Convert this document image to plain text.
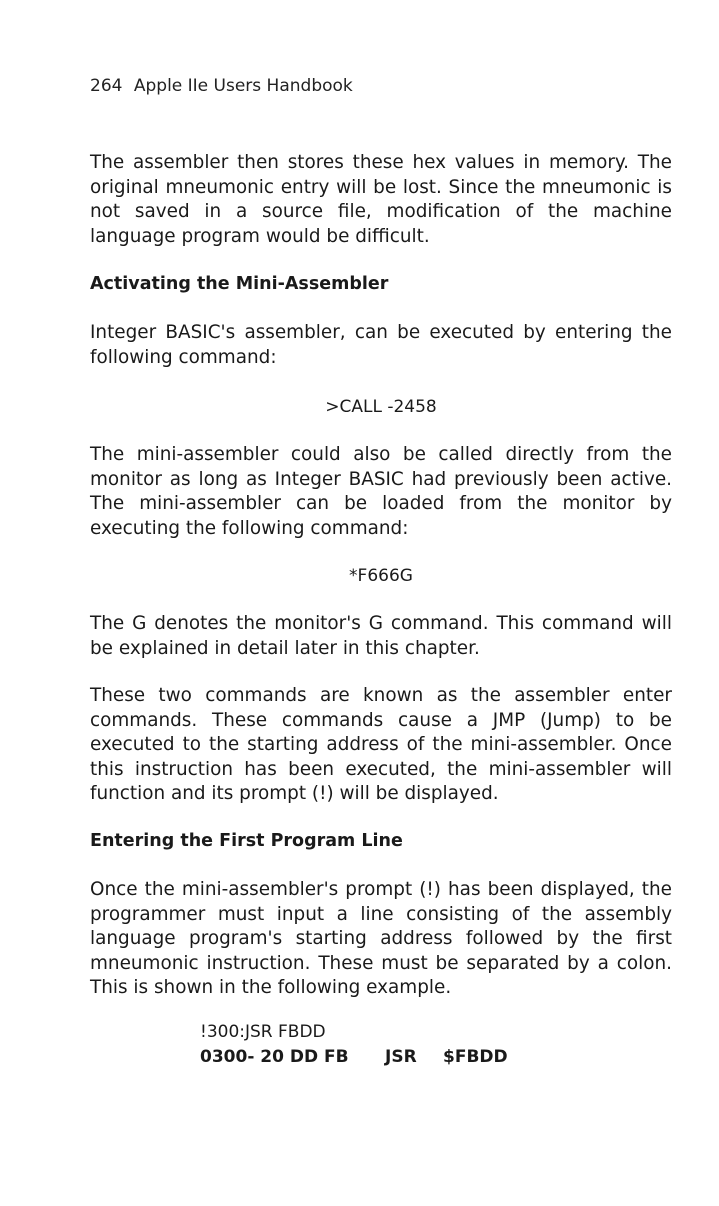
264 Apple IIe Users Handbook

The assembler then stores these hex values in memory. The original mneumonic entry will be lost. Since the mneumonic is not saved in a source file, modification of the machine language program would be difficult.

Activating the Mini-Assembler

Integer BASIC's assembler, can be executed by entering the following command:

>CALL -2458

The mini-assembler could also be called directly from the monitor as long as Integer BASIC had previously been active. The mini-assembler can be loaded from the monitor by executing the following command:

*F666G

The G denotes the monitor's G command. This command will be explained in detail later in this chapter.

These two commands are known as the assembler enter commands. These commands cause a JMP (Jump) to be executed to the starting address of the mini-assembler. Once this instruction has been executed, the mini-assembler will function and its prompt (!) will be displayed.

Entering the First Program Line

Once the mini-assembler's prompt (!) has been displayed, the programmer must input a line consisting of the assembly language program's starting address followed by the first mneumonic instruction. These must be separated by a colon. This is shown in the following example.

!300:JSR FBDD

0300- 20 DD FB JSR $FBDD
